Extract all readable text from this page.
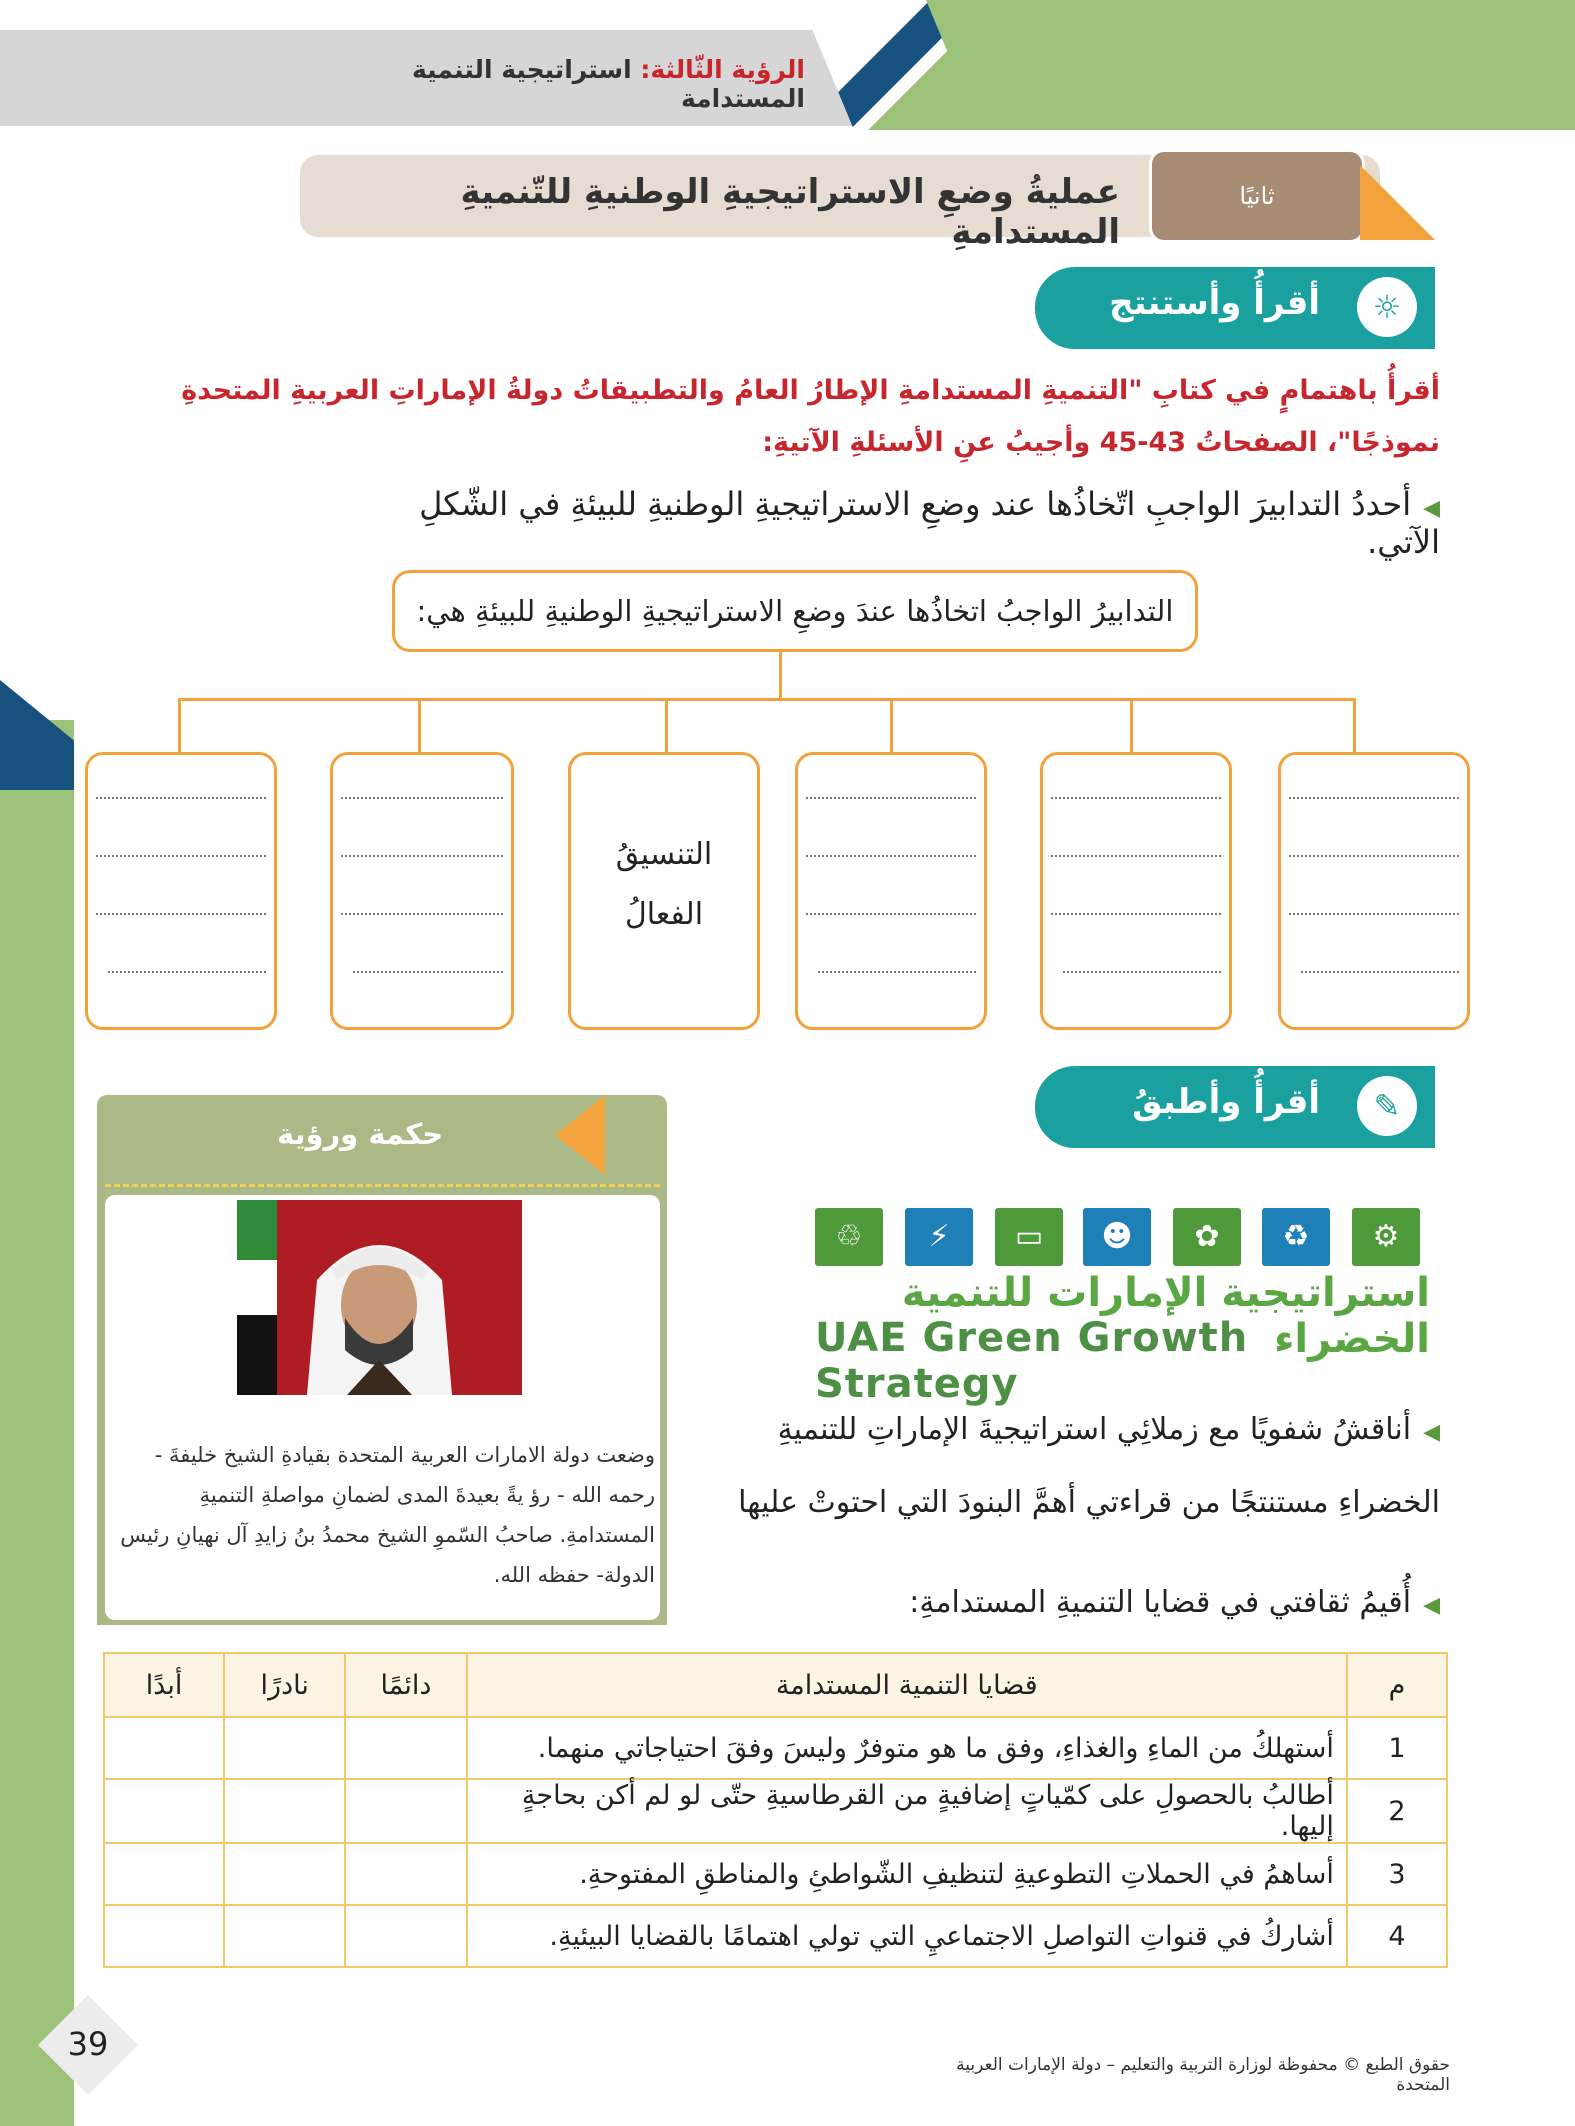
الرؤية الثّالثة: استراتيجية التنمية المستدامة
عمليةُ وضعِ الاستراتيجيةِ الوطنيةِ للتّنميةِ المستدامةِ
ثانيًا
أقرأُ وأستنتج	☼
أقرأُ باهتمامٍ في كتابِ "التنميةِ المستدامةِ الإطارُ العامُ والتطبيقاتُ دولةُ الإماراتِ العربيةِ المتحدةِ نموذجًا"، الصفحاتُ 43-45 وأجيبُ عنِ الأسئلةِ الآتيةِ:
◀أحددُ التدابيرَ الواجبِ اتّخاذُها عند وضعِ الاستراتيجيةِ الوطنيةِ للبيئةِ في الشّكلِ الآتي.
التدابيرُ الواجبُ اتخاذُها عندَ وضعِ الاستراتيجيةِ الوطنيةِ للبيئةِ هي:
التنسيقُ
الفعالُ
أقرأُ وأطبقُ	✎
حكمة ورؤية
وضعت دولة الامارات العربية المتحدة بقيادةِ الشيخ خليفةَ - رحمه الله - رؤ يةً بعيدةَ المدى لضمانِ مواصلةِ التنميةِ المستدامةِ. صاحبُ السّموِ الشيخ محمدُ بنُ زايدِ آل نهيانِ رئيس الدولة- حفظه الله.
♲	⚡	▭	☻	✿	♻	⚙
استراتيجية الإمارات للتنمية الخضراء
UAE Green Growth Strategy
◀أناقشُ شفويًا مع زملائِي استراتيجيةَ الإماراتِ للتنميةِ الخضراءِ مستنتجًا من قراءتي أهمَّ البنودَ التي احتوتْ عليها
◀أُقيمُ ثقافتي في قضايا التنميةِ المستدامةِ:
م	قضايا التنمية المستدامة	دائمًا	نادرًا	أبدًا
1	أستهلكُ من الماءِ والغذاءِ، وفق ما هو متوفرٌ وليسَ وفقَ احتياجاتي منهما.			
2	أطالبُ بالحصولِ على كمّياتٍ إضافيةٍ من القرطاسيةِ حتّى لو لم أكن بحاجةٍ إليها.			
3	أساهمُ في الحملاتِ التطوعيةِ لتنظيفِ الشّواطئِ والمناطقِ المفتوحةِ.			
4	أشاركُ في قنواتِ التواصلِ الاجتماعيِ التي تولي اهتمامًا بالقضايا البيئيةِ.			
39
حقوق الطبع © محفوظة لوزارة التربية والتعليم – دولة الإمارات العربية المتحدة
